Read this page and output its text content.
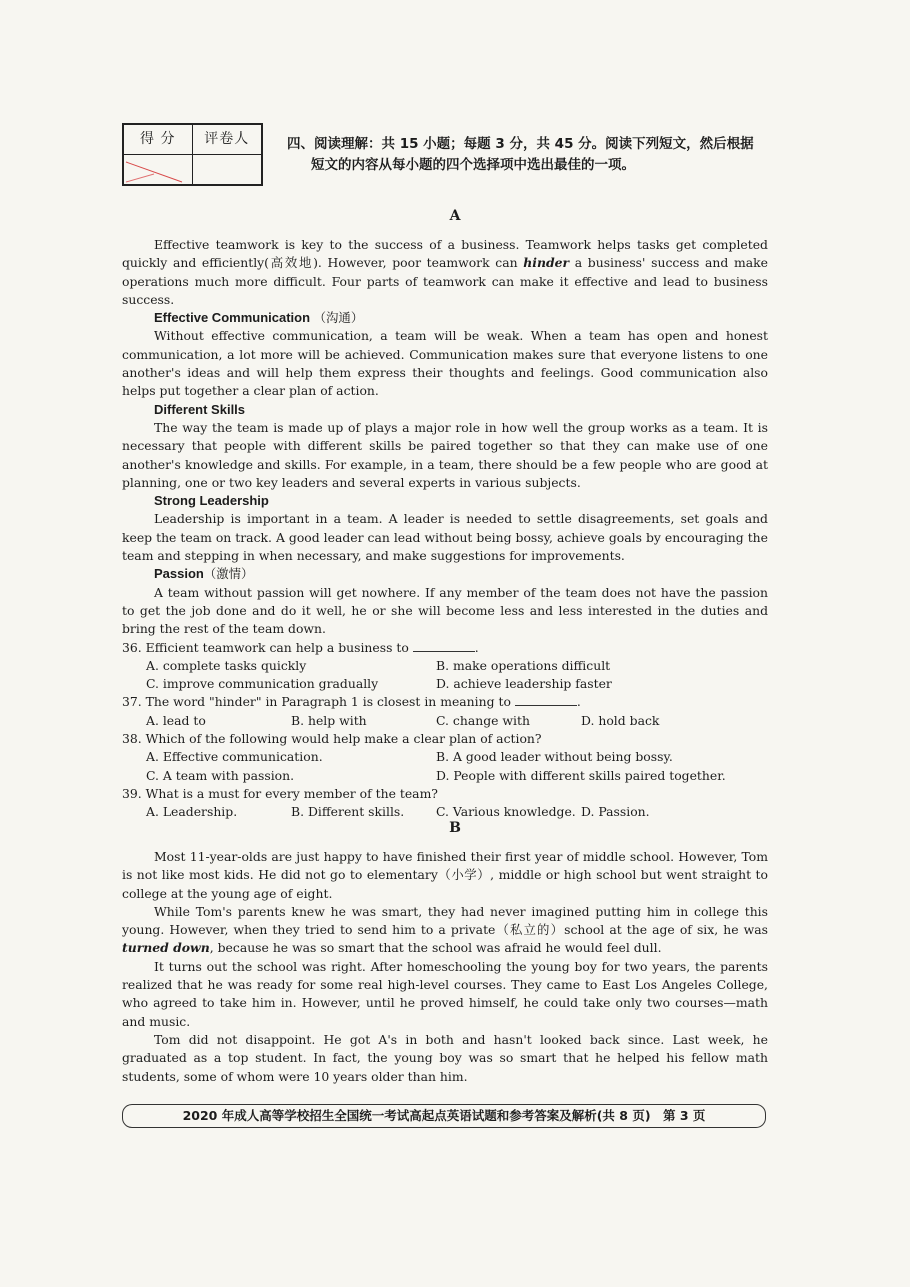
得 分	评卷人	四、阅读理解：共 15 小题；每题 3 分，共 45 分。阅读下列短文，然后根据
短文的内容从每小题的四个选择项中选出最佳的一项。
A

Effective teamwork is key to the success of a business. Teamwork helps tasks get completed quickly and efficiently(高效地). However, poor teamwork can hinder a business' success and make operations much more difficult. Four parts of teamwork can make it effective and lead to business success.

Effective Communication （沟通）

Without effective communication, a team will be weak. When a team has open and honest communication, a lot more will be achieved. Communication makes sure that everyone listens to one another's ideas and will help them express their thoughts and feelings. Good communication also helps put together a clear plan of action.

Different Skills

The way the team is made up of plays a major role in how well the group works as a team. It is necessary that people with different skills be paired together so that they can make use of one another's knowledge and skills. For example, in a team, there should be a few people who are good at planning, one or two key leaders and several experts in various subjects.

Strong Leadership

Leadership is important in a team. A leader is needed to settle disagreements, set goals and keep the team on track. A good leader can lead without being bossy, achieve goals by encouraging the team and stepping in when necessary, and make suggestions for improvements.

Passion（激情）

A team without passion will get nowhere. If any member of the team does not have the passion to get the job done and do it well, he or she will become less and less interested in the duties and bring the rest of the team down.

36. Efficient teamwork can help a business to	.
A. complete tasks quickly	B. make operations difficult
C. improve communication gradually	D. achieve leadership faster
37. The word "hinder" in Paragraph 1 is closest in meaning to	.
A. lead to	B. help with	C. change with	D. hold back
38. Which of the following would help make a clear plan of action?
A. Effective communication.	B. A good leader without being bossy.
C. A team with passion.	D. People with different skills paired together.
39. What is a must for every member of the team?
A. Leadership.	B. Different skills.	C. Various knowledge. D. Passion.
B

Most 11-year-olds are just happy to have finished their first year of middle school. However, Tom is not like most kids. He did not go to elementary（小学）, middle or high school but went straight to college at the young age of eight.

While Tom's parents knew he was smart, they had never imagined putting him in college this young. However, when they tried to send him to a private（私立的）school at the age of six, he was turned down, because he was so smart that the school was afraid he would feel dull.

It turns out the school was right. After homeschooling the young boy for two years, the parents realized that he was ready for some real high-level courses. They came to East Los Angeles College, who agreed to take him in. However, until he proved himself, he could take only two courses—math and music.

Tom did not disappoint. He got A's in both and hasn't looked back since. Last week, he graduated as a top student. In fact, the young boy was so smart that he helped his fellow math students, some of whom were 10 years older than him.

2020 年成人高等学校招生全国统一考试高起点英语试题和参考答案及解析(共 8 页)　第 3 页
